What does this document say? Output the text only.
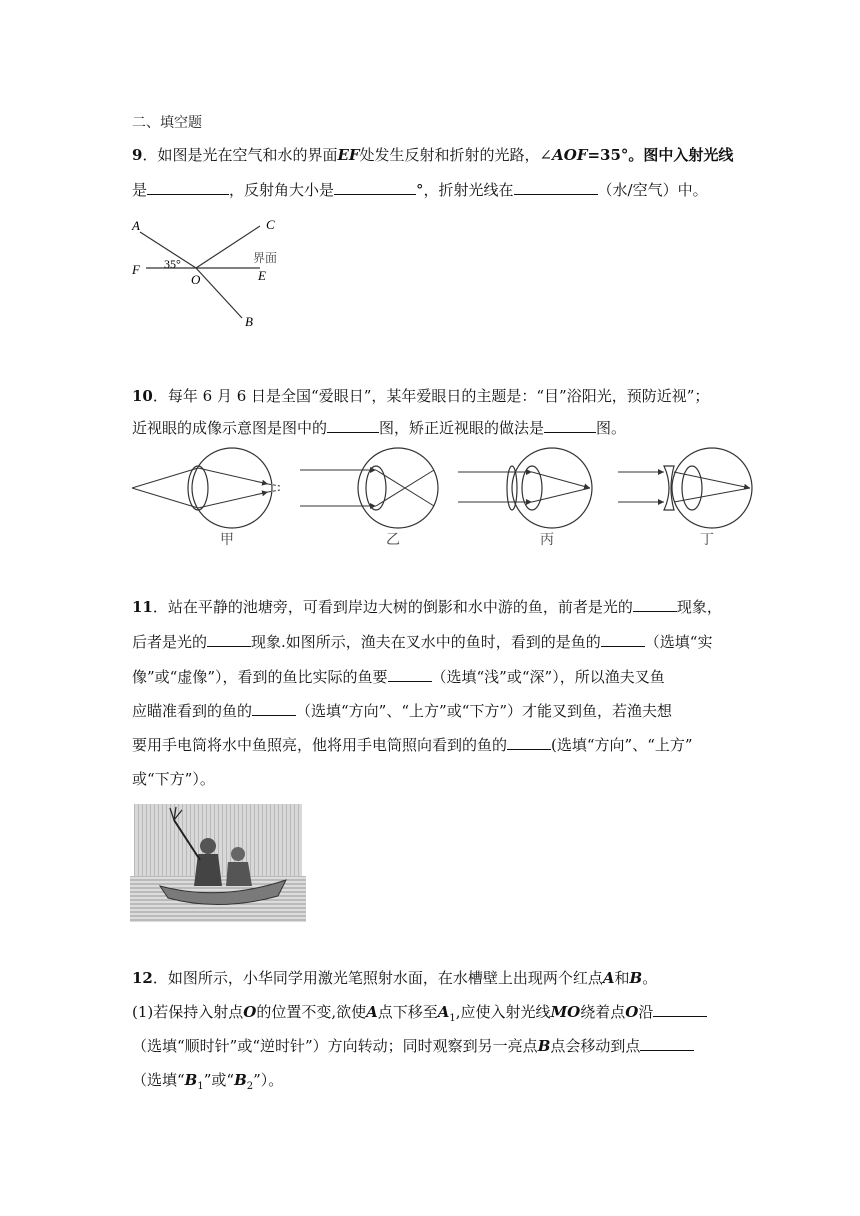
二、填空题
9．如图是光在空气和水的界面EF处发生反射和折射的光路，∠AOF=35°。图中入射光线
是	，反射角大小是	°，折射光线在	（水/空气）中。
A	C
F 35°
O	E
界面
B
10．每年 6 月 6 日是全国“爱眼日”，某年爱眼日的主题是：“目”浴阳光，预防近视”；
近视眼的成像示意图是图中的	图，矫正近视眼的做法是	图。
甲	乙	丙	丁
11．站在平静的池塘旁，可看到岸边大树的倒影和水中游的鱼，前者是光的	现象，
后者是光的	现象.如图所示，渔夫在叉水中的鱼时，看到的是鱼的	（选填“实
像”或“虚像”），看到的鱼比实际的鱼要	（选填“浅”或“深”），所以渔夫叉鱼
应瞄准看到的鱼的	（选填“方向”、“上方”或“下方”）才能叉到鱼，若渔夫想
要用手电筒将水中鱼照亮，他将用手电筒照向看到的鱼的	(选填“方向”、“上方”
或“下方”）。
12．如图所示，小华同学用激光笔照射水面，在水槽壁上出现两个红点A和B。
(1)若保持入射点O的位置不变,欲使A点下移至$A_1$,应使入射光线MO绕着点O沿
（选填“顺时针”或“逆时针”）方向转动；同时观察到另一亮点B点会移动到点
（选填“$B_1$”或“$B_2$”）。
